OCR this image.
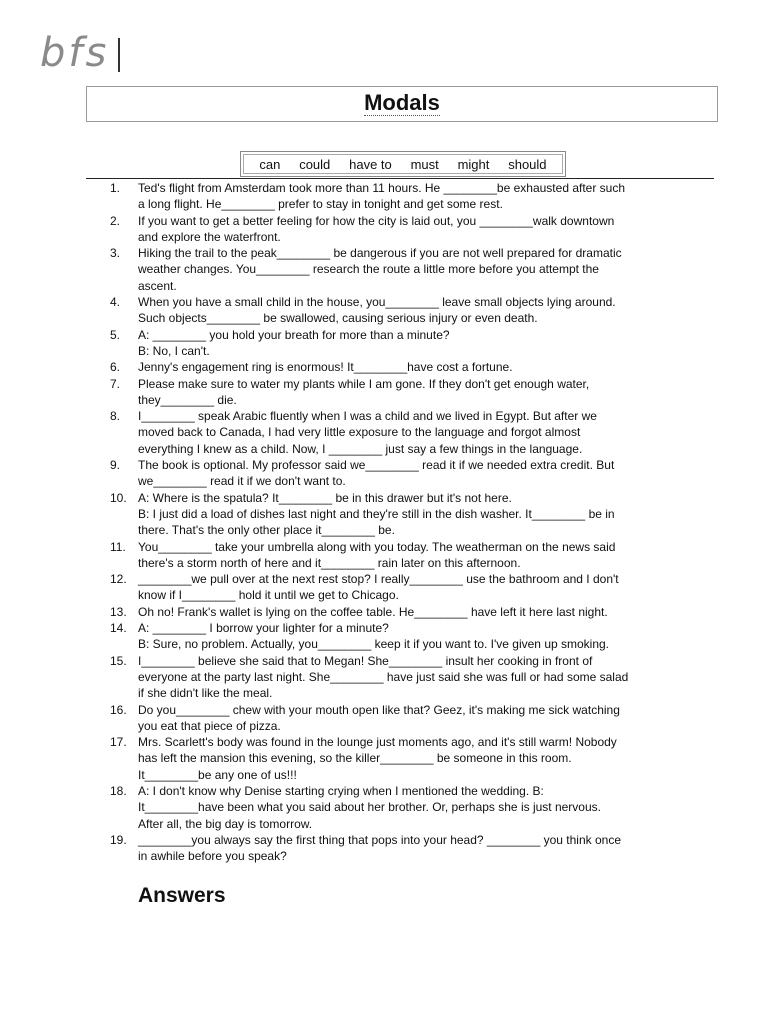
bfs
Modals
can could have to must might should
1.	Ted's flight from Amsterdam took more than 11 hours. He ________be exhausted after such
a long flight. He________ prefer to stay in tonight and get some rest.
2.	If you want to get a better feeling for how the city is laid out, you ________walk downtown
and explore the waterfront.
3.	Hiking the trail to the peak________ be dangerous if you are not well prepared for dramatic
weather changes. You________ research the route a little more before you attempt the
ascent.
4.	When you have a small child in the house, you________ leave small objects lying around.
Such objects________ be swallowed, causing serious injury or even death.
5.	A: ________ you hold your breath for more than a minute?
B: No, I can't.
6.	Jenny's engagement ring is enormous! It________have cost a fortune.
7.	Please make sure to water my plants while I am gone. If they don't get enough water,
they________ die.
8.	I________ speak Arabic fluently when I was a child and we lived in Egypt. But after we
moved back to Canada, I had very little exposure to the language and forgot almost
everything I knew as a child. Now, I ________ just say a few things in the language.
9.	The book is optional. My professor said we________ read it if we needed extra credit. But
we________ read it if we don't want to.
10. A: Where is the spatula? It________ be in this drawer but it's not here.
B: I just did a load of dishes last night and they're still in the dish washer. It________ be in
there. That's the only other place it________ be.
11.	You________ take your umbrella along with you today. The weatherman on the news said
there's a storm north of here and it________ rain later on this afternoon.
12. ________we pull over at the next rest stop? I really________ use the bathroom and I don't
know if I________ hold it until we get to Chicago.
13. Oh no! Frank's wallet is lying on the coffee table. He________ have left it here last night.
14. A: ________ I borrow your lighter for a minute?
B: Sure, no problem. Actually, you________ keep it if you want to. I've given up smoking.
15. I________ believe she said that to Megan! She________ insult her cooking in front of
everyone at the party last night. She________ have just said she was full or had some salad
if she didn't like the meal.
16. Do you________ chew with your mouth open like that? Geez, it's making me sick watching
you eat that piece of pizza.
17. Mrs. Scarlett's body was found in the lounge just moments ago, and it's still warm! Nobody
has left the mansion this evening, so the killer________ be someone in this room.
It________be any one of us!!!
18. A: I don't know why Denise starting crying when I mentioned the wedding. B:
It________have been what you said about her brother. Or, perhaps she is just nervous.
After all, the big day is tomorrow.
19. ________you always say the first thing that pops into your head? ________ you think once
in awhile before you speak?
Answers
